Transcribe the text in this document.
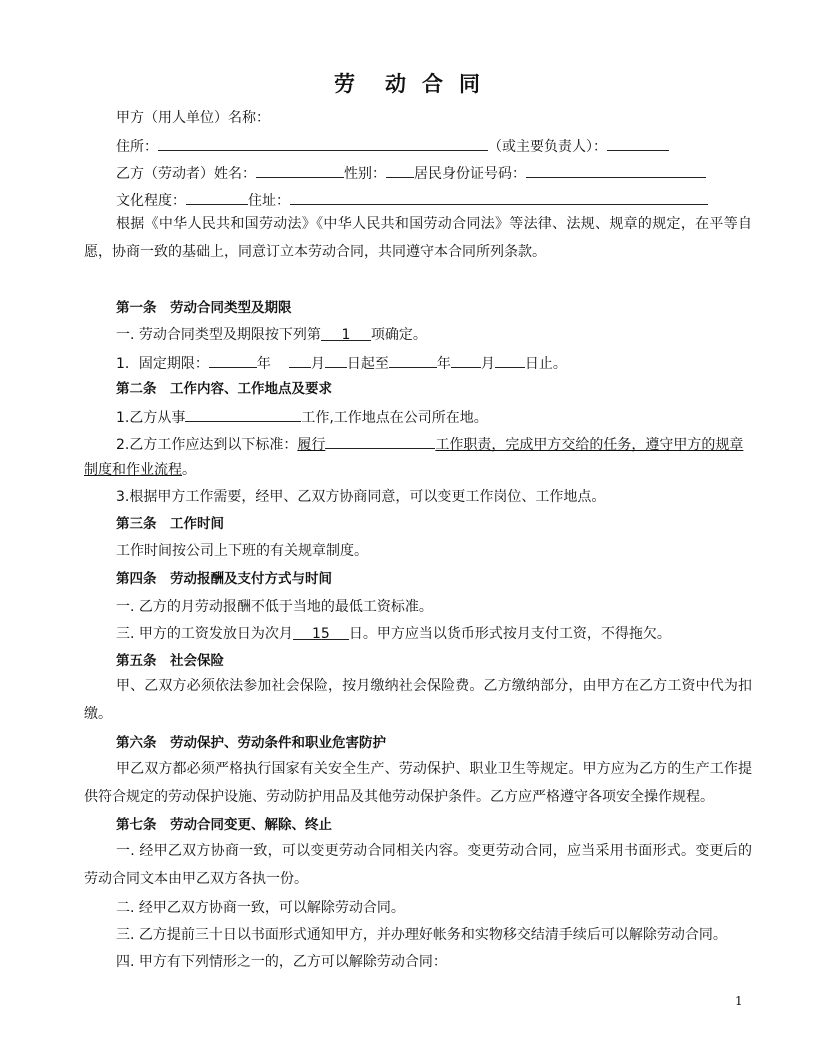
劳 动 合 同
甲方（用人单位）名称：
住所：	（或主要负责人）：
乙方（劳动者）姓名：	性别： 居民身份证号码：
文化程度：	住址：
根据《中华人民共和国劳动法》《中华人民共和国劳动合同法》等法律、法规、规章的规定，在平等自愿，协商一致的基础上，同意订立本劳动合同，共同遵守本合同所列条款。
第一条　劳动合同类型及期限
一. 劳动合同类型及期限按下列第 1 项确定。
1．固定期限：	年	月 日起至	年 月 日止。
第二条　工作内容、工作地点及要求
1.乙方从事	工作,工作地点在公司所在地。
2.乙方工作应达到以下标准：履行	工作职责，完成甲方交给的任务，遵守甲方的规章
制度和作业流程。
3.根据甲方工作需要，经甲、乙双方协商同意，可以变更工作岗位、工作地点。
第三条　工作时间
工作时间按公司上下班的有关规章制度。
第四条　劳动报酬及支付方式与时间
一. 乙方的月劳动报酬不低于当地的最低工资标准。
三. 甲方的工资发放日为次月 15 日。甲方应当以货币形式按月支付工资，不得拖欠。
第五条　社会保险
甲、乙双方必须依法参加社会保险，按月缴纳社会保险费。乙方缴纳部分，由甲方在乙方工资中代为扣缴。
第六条　劳动保护、劳动条件和职业危害防护
甲乙双方都必须严格执行国家有关安全生产、劳动保护、职业卫生等规定。甲方应为乙方的生产工作提供符合规定的劳动保护设施、劳动防护用品及其他劳动保护条件。乙方应严格遵守各项安全操作规程。
第七条　劳动合同变更、解除、终止
一. 经甲乙双方协商一致，可以变更劳动合同相关内容。变更劳动合同，应当采用书面形式。变更后的劳动合同文本由甲乙双方各执一份。
二. 经甲乙双方协商一致，可以解除劳动合同。
三. 乙方提前三十日以书面形式通知甲方，并办理好帐务和实物移交结清手续后可以解除劳动合同。
四. 甲方有下列情形之一的，乙方可以解除劳动合同：
1
